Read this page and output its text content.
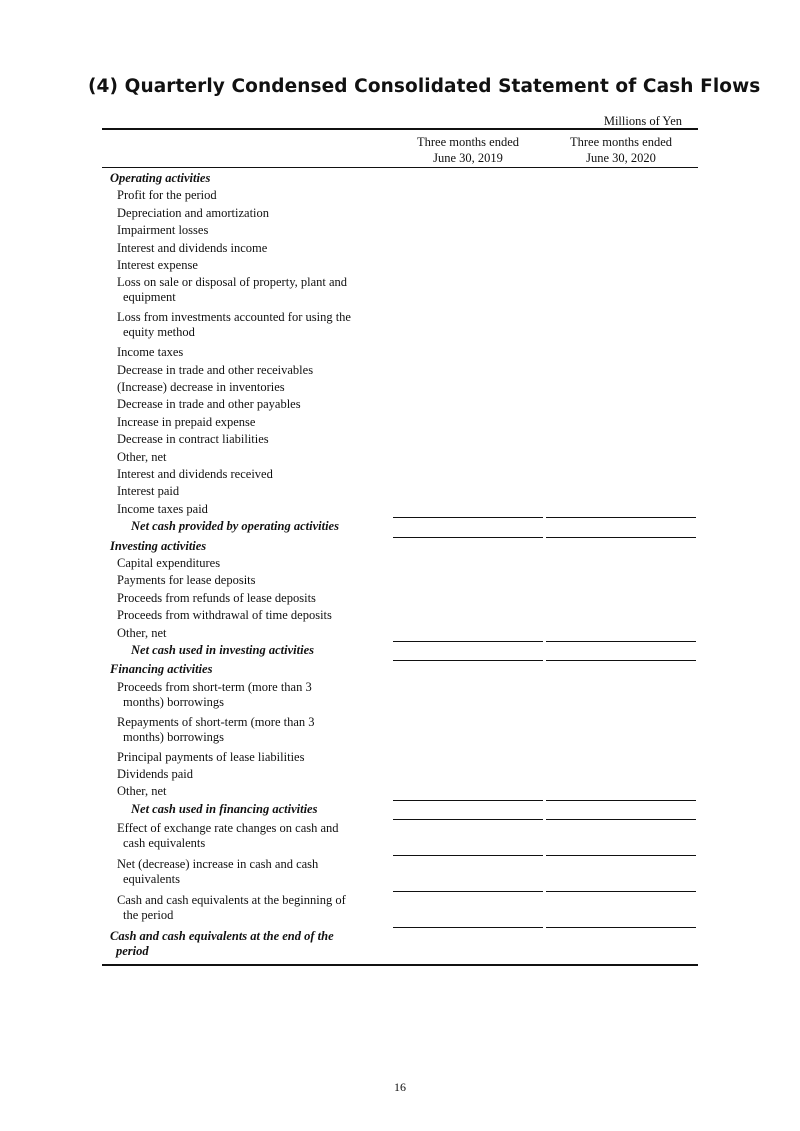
(4) Quarterly Condensed Consolidated Statement of Cash Flows
Millions of Yen
Three months ended
June 30, 2019
Three months ended
June 30, 2020
Operating activities
Profit for the period
Depreciation and amortization
Impairment losses
Interest and dividends income
Interest expense
Loss on sale or disposal of property, plant and
equipment
Loss from investments accounted for using the
equity method
Income taxes
Decrease in trade and other receivables
(Increase) decrease in inventories
Decrease in trade and other payables
Increase in prepaid expense
Decrease in contract liabilities
Other, net
Interest and dividends received
Interest paid
Income taxes paid
Net cash provided by operating activities
Investing activities
Capital expenditures
Payments for lease deposits
Proceeds from refunds of lease deposits
Proceeds from withdrawal of time deposits
Other, net
Net cash used in investing activities
Financing activities
Proceeds from short-term (more than 3
months) borrowings
Repayments of short-term (more than 3
months) borrowings
Principal payments of lease liabilities
Dividends paid
Other, net
Net cash used in financing activities
Effect of exchange rate changes on cash and
cash equivalents
Net (decrease) increase in cash and cash
equivalents
Cash and cash equivalents at the beginning of
the period
Cash and cash equivalents at the end of the
period
16
